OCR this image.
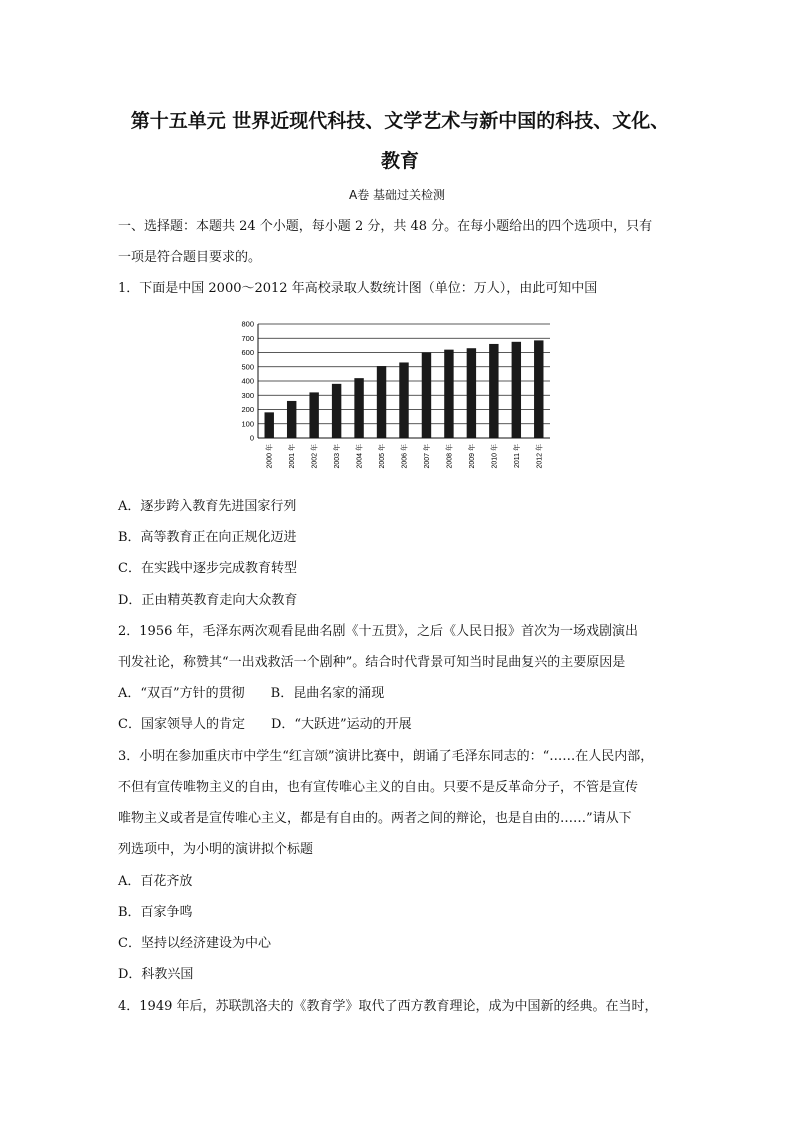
第十五单元 世界近现代科技、文学艺术与新中国的科技、文化、
教育
A卷 基础过关检测
一、选择题：本题共 24 个小题，每小题 2 分，共 48 分。在每小题给出的四个选项中，只有
一项是符合题目要求的。
1．下面是中国 2000～2012 年高校录取人数统计图（单位：万人），由此可知中国
0
100
200
300
400
500
600
700
800
2000 年 2001 年 2002 年 2003 年 2004 年 2005 年 2006 年 2007 年 2008 年 2009 年 2010 年 2011 年 2012 年
A．逐步跨入教育先进国家行列
B．高等教育正在向正规化迈进
C．在实践中逐步完成教育转型
D．正由精英教育走向大众教育
2．1956 年，毛泽东两次观看昆曲名剧《十五贯》，之后《人民日报》首次为一场戏剧演出
刊发社论，称赞其“一出戏救活一个剧种”。结合时代背景可知当时昆曲复兴的主要原因是
A．“双百”方针的贯彻　　B．昆曲名家的涌现
C．国家领导人的肯定　　D．“大跃进”运动的开展
3．小明在参加重庆市中学生“红言颂”演讲比赛中，朗诵了毛泽东同志的：“……在人民内部，
不但有宣传唯物主义的自由，也有宣传唯心主义的自由。只要不是反革命分子，不管是宣传
唯物主义或者是宣传唯心主义，都是有自由的。两者之间的辩论，也是自由的……”请从下
列选项中，为小明的演讲拟个标题
A．百花齐放
B．百家争鸣
C．坚持以经济建设为中心
D．科教兴国
4．1949 年后，苏联凯洛夫的《教育学》取代了西方教育理论，成为中国新的经典。在当时，
